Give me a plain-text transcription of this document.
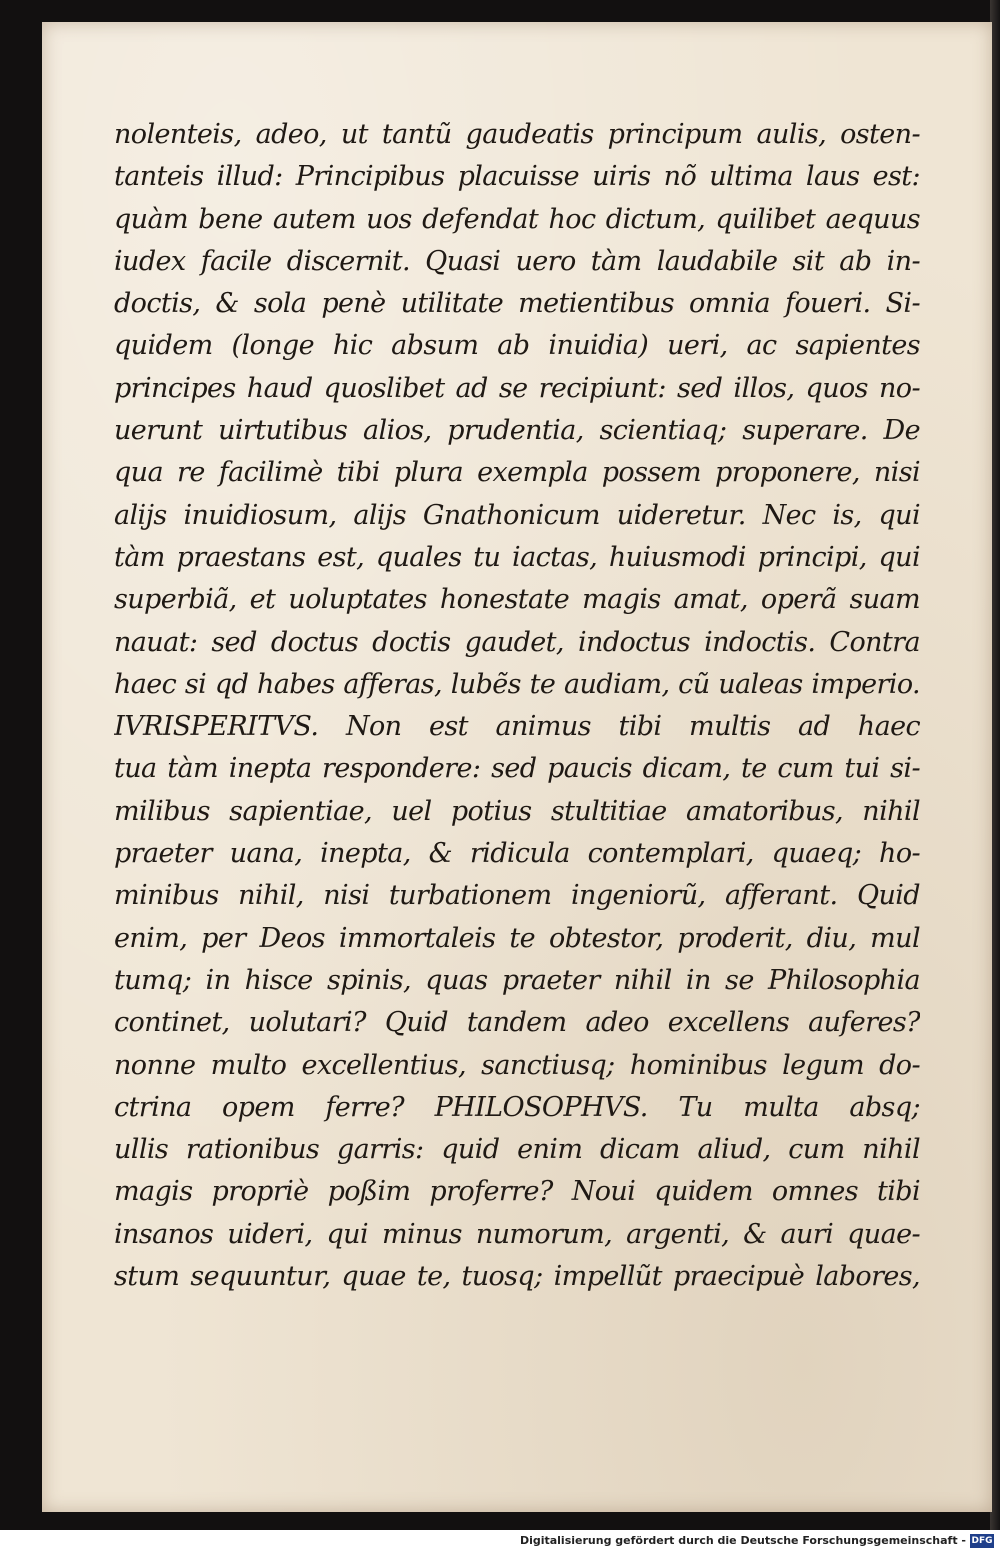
nolenteis, adeo, ut tantũ gaudeatis principum aulis, osten-
tanteis illud: Principibus placuisse uiris nõ ultima laus est:
quàm bene autem uos defendat hoc dictum, quilibet aequus
iudex facile discernit. Quasi uero tàm laudabile sit ab in-
doctis, & sola penè utilitate metientibus omnia foueri. Si-
quidem (longe hic absum ab inuidia) ueri, ac sapientes
principes haud quoslibet ad se recipiunt: sed illos, quos no-
uerunt uirtutibus alios, prudentia, scientiaq; superare. De
qua re facilimè tibi plura exempla possem proponere, nisi
alijs inuidiosum, alijs Gnathonicum uideretur. Nec is, qui
tàm praestans est, quales tu iactas, huiusmodi principi, qui
superbiã, et uoluptates honestate magis amat, operã suam
nauat: sed doctus doctis gaudet, indoctus indoctis. Contra
haec si qd habes afferas, lubẽs te audiam, cũ ualeas imperio.
IVRISPERITVS. Non est animus tibi multis ad haec
tua tàm inepta respondere: sed paucis dicam, te cum tui si-
milibus sapientiae, uel potius stultitiae amatoribus, nihil
praeter uana, inepta, & ridicula contemplari, quaeq; ho-
minibus nihil, nisi turbationem ingeniorũ, afferant. Quid
enim, per Deos immortaleis te obtestor, proderit, diu, mul
tumq; in hisce spinis, quas praeter nihil in se Philosophia
continet, uolutari? Quid tandem adeo excellens auferes?
nonne multo excellentius, sanctiusq; hominibus legum do-
ctrina opem ferre? PHILOSOPHVS. Tu multa absq;
ullis rationibus garris: quid enim dicam aliud, cum nihil
magis propriè poßim proferre? Noui quidem omnes tibi
insanos uideri, qui minus numorum, argenti, & auri quae-
stum sequuntur, quae te, tuosq; impellũt praecipuè labores,
Digitalisierung gefördert durch die Deutsche Forschungsgemeinschaft - DFG
